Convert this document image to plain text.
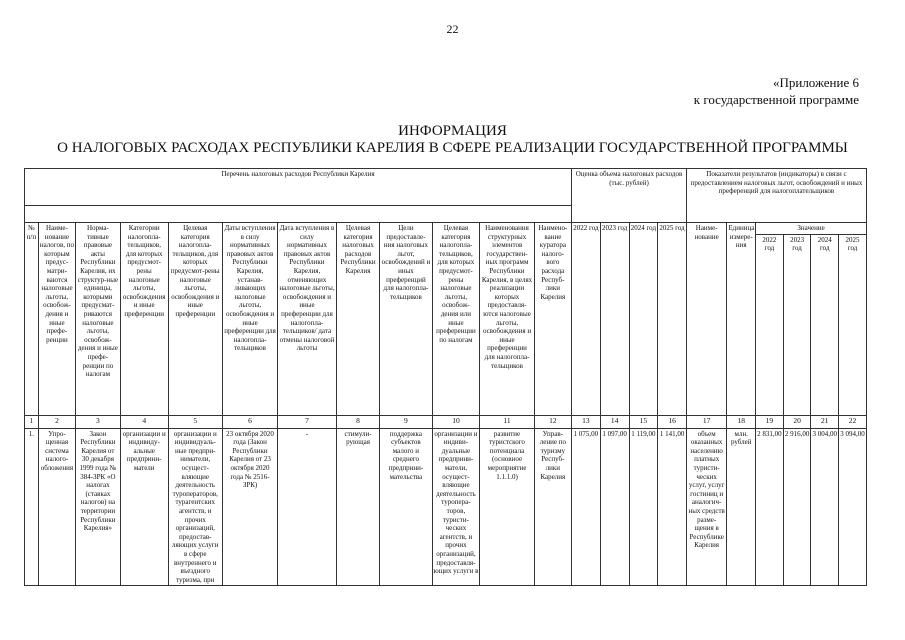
22
«Приложение 6
к государственной программе
ИНФОРМАЦИЯ
О НАЛОГОВЫХ РАСХОДАХ РЕСПУБЛИКИ КАРЕЛИЯ В СФЕРЕ РЕАЛИЗАЦИИ ГОСУДАРСТВЕННОЙ ПРОГРАММЫ
Перечень налоговых расходов Республики Карелия												Оценка объема налоговых расходов (тыс. рублей)				Показатели результатов (индикаторы) в связи с предоставлением налоговых льгот, освобождений и иных преференций для налогоплательщиков					

№ п/п	Наиме-нование налогов, по которым предус-матри-ваются налоговые льготы, освобож-дения и иные префе-ренции	Норма-тивные правовые акты Республики Карелия, их структур-ные единицы, которыми предусмат-риваются налоговые льготы, освобож-дения и иные префе-ренции по налогам	Категории налогопла-тельщиков, для которых предусмот-рены налоговые льготы, освобождения и иные преференции	Целевая категория налогопла-тельщиков, для которых предусмот-рены налоговые льготы, освобождения и иные преференции	Даты вступления в силу нормативных правовых актов Республики Карелия, устанав-ливающих налоговые льготы, освобождения и иные преференции для налогопла-тельщиков	Дата вступления в силу нормативных правовых актов Республики Карелия, отменяющих налоговые льготы, освобождения и иные преференции для налогопла-тельщиков/ дата отмены налоговой льготы	Целевая категория налоговых расходов Республики Карелия	Цели предоставле-ния налоговых льгот, освобождений и иных преференций для налогопла-тельщиков	Целевая категория налогопла-тельщиков, для которых предусмот-рены налоговые льготы, освобож-дения или иные преференции по налогам	Наименования структурных элементов государствен-ных программ Республики Карелия, в целях реализации которых предоставля-ются налоговые льготы, освобождения и иные преференции для налогопла-тельщиков	Наимено-вание куратора налого-вого расхода Респуб-лики Карелия	2022 год	2023 год	2024 год	2025 год	Наиме-нование	Единица измере-ния	Значение			
																		2022 год	2023 год	2024 год	2025 год
1	2	3	4	5	6	7	8	9	10	11	12	13	14	15	16	17	18	19	20	21	22
1.	Упро-щенная система налого-обложения	Закон Республики Карелия от 30 декабря 1999 года № 384-ЗРК «О налогах (ставках налогов) на территории Республики Карелия»	организации и индивиду-альные предприни-матели	организации и индивидуаль-ные предпри-ниматели, осущест-вляющие деятельность туроператоров, турагентских агентств, и прочих организаций, предостав-ляющих услуги в сфере внутреннего и въездного туризма, при	23 октября 2020 года (Закон Республики Карелия от 23 октября 2020 года № 2516-ЗРК)	-	стимули-рующая	поддержка субъектов малого и среднего предприни-мательства	организации и индиви-дуальные предприни-матели, осущест-вляющие деятельность туропера-торов, туристи-ческих агентств, и прочих организаций, предоставля-ющих услуги в	развитие туристского потенциала (основное мероприятие 1.1.1.0)	Управ-ление по туризму Респуб-лики Карелия	1 075,00	1 097,00	1 119,00	1 141,00	объем оказанных населению платных туристи-ческих услуг, услуг гостиниц и аналогич-ных средств разме-щения в Республике Карелия	млн. рублей	2 831,00	2 916,00	3 004,00	3 094,00
